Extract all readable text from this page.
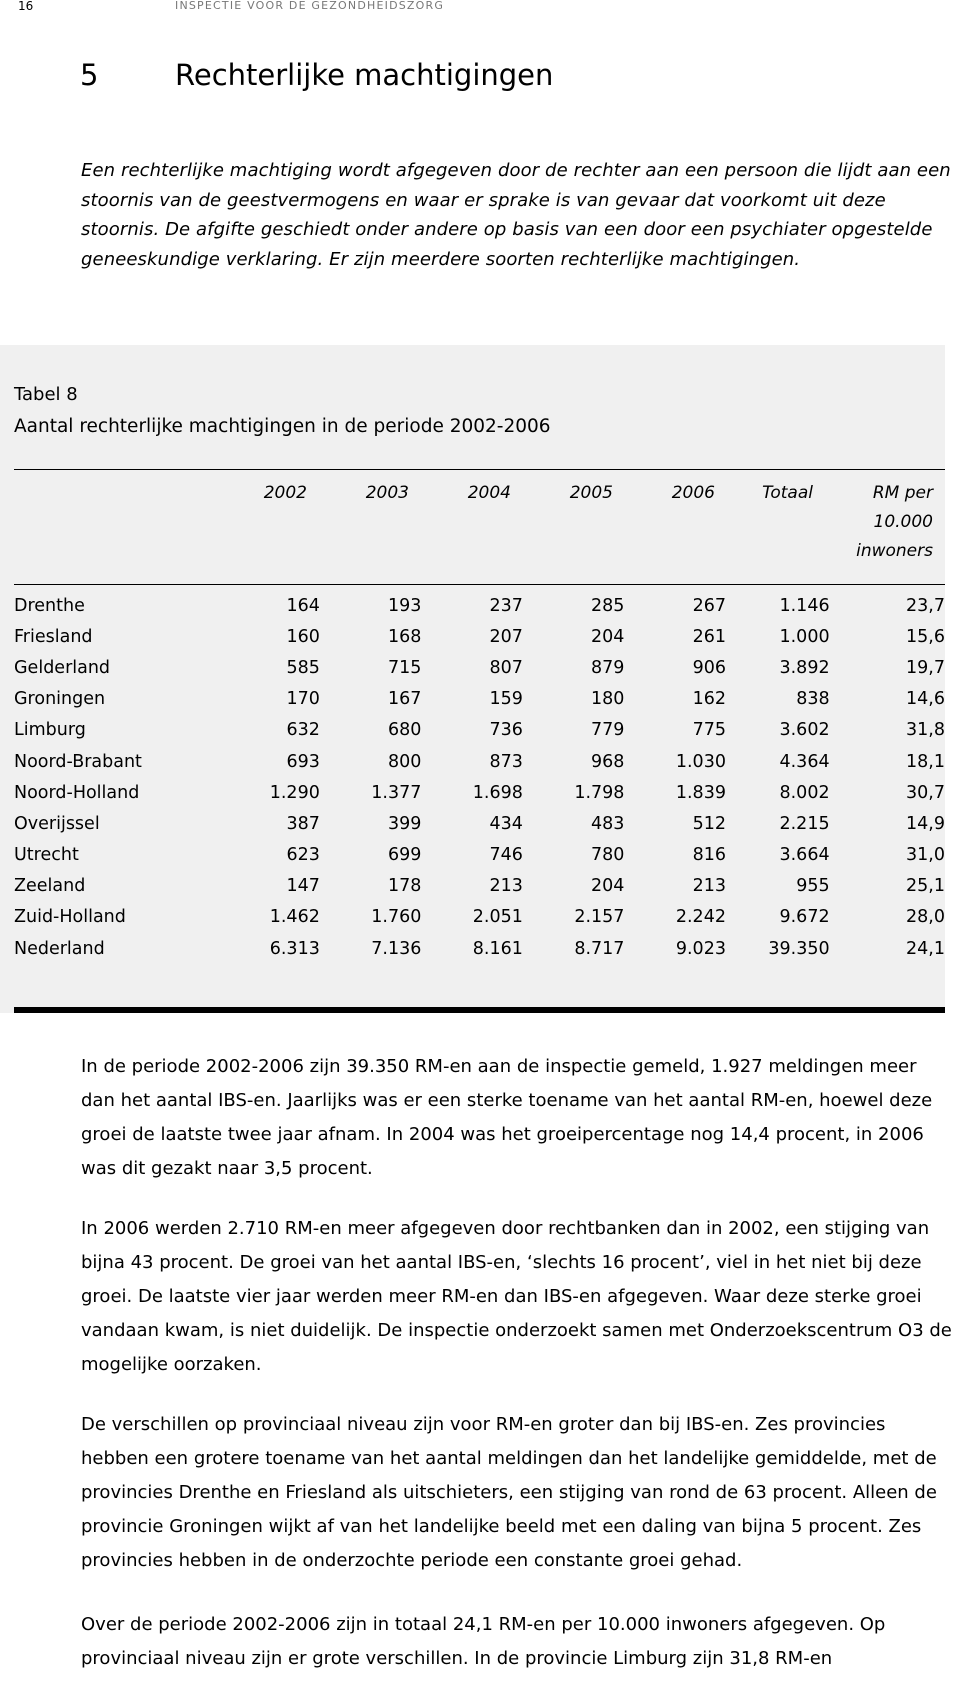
16	INSPECTIE VOOR DE GEZONDHEIDSZORG
5	Rechterlijke machtigingen

Een rechterlijke machtiging wordt afgegeven door de rechter aan een persoon die lijdt aan een stoornis van de geestvermogens en waar er sprake is van gevaar dat voorkomt uit deze stoornis. De afgifte geschiedt onder andere op basis van een door een psychiater opgestelde geneeskundige verklaring. Er zijn meerdere soorten rechterlijke machtigingen.

Tabel 8
Aantal rechterlijke machtigingen in de periode 2002-2006
2002	2003	2004	2005	2006	Totaal	RM per
10.000
inwoners
Drenthe	164	193	237	285	267	1.146	23,7
Friesland	160	168	207	204	261	1.000	15,6
Gelderland	585	715	807	879	906	3.892	19,7
Groningen	170	167	159	180	162	838	14,6
Limburg	632	680	736	779	775	3.602	31,8
Noord-Brabant	693	800	873	968	1.030	4.364	18,1
Noord-Holland	1.290	1.377	1.698	1.798	1.839	8.002	30,7
Overijssel	387	399	434	483	512	2.215	14,9
Utrecht	623	699	746	780	816	3.664	31,0
Zeeland	147	178	213	204	213	955	25,1
Zuid-Holland	1.462	1.760	2.051	2.157	2.242	9.672	28,0
Nederland	6.313	7.136	8.161	8.717	9.023	39.350	24,1

In de periode 2002-2006 zijn 39.350 RM-en aan de inspectie gemeld, 1.927 meldingen meer dan het aantal IBS-en. Jaarlijks was er een sterke toename van het aantal RM-en, hoewel deze groei de laatste twee jaar afnam. In 2004 was het groeipercentage nog 14,4 procent, in 2006 was dit gezakt naar 3,5 procent.

In 2006 werden 2.710 RM-en meer afgegeven door rechtbanken dan in 2002, een stijging van bijna 43 procent. De groei van het aantal IBS-en, ‘slechts 16 procent’, viel in het niet bij deze groei. De laatste vier jaar werden meer RM-en dan IBS-en afgegeven. Waar deze sterke groei vandaan kwam, is niet duidelijk. De inspectie onderzoekt samen met Onderzoekscentrum O3 de mogelijke oorzaken.

De verschillen op provinciaal niveau zijn voor RM-en groter dan bij IBS-en. Zes provincies hebben een grotere toename van het aantal meldingen dan het landelijke gemiddelde, met de provincies Drenthe en Friesland als uitschieters, een stijging van rond de 63 procent. Alleen de provincie Groningen wijkt af van het landelijke beeld met een daling van bijna 5 procent. Zes provincies hebben in de onderzochte periode een constante groei gehad.

Over de periode 2002-2006 zijn in totaal 24,1 RM-en per 10.000 inwoners afgegeven. Op provinciaal niveau zijn er grote verschillen. In de provincie Limburg zijn 31,8 RM-en
